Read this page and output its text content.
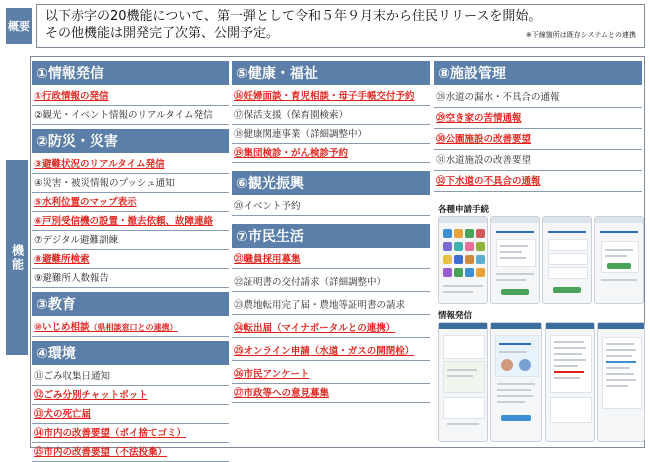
概要
以下赤字の20機能について、第一弾として令和５年９月末から住民リリースを開始。
その他機能は開発完了次第、公開予定。	※下線箇所は既存システムとの連携
機能
①情報発信
①行政情報の発信
②観光・イベント情報のリアルタイム発信
②防災・災害
③避難状況のリアルタイム発信
④災害・被災情報のプッシュ通知
⑤水利位置のマップ表示
⑥戸別受信機の設置・撤去依頼、故障連絡
⑦デジタル避難訓練
⑧避難所検索
⑨避難所人数報告
③教育
⑩いじめ相談（県相談窓口との連携）
④環境
⑪ごみ収集日通知
⑫ごみ分別チャットボット
⑬犬の死亡届
⑭市内の改善要望（ポイ捨てゴミ）
⑮市内の改善要望（不法投棄）
⑤健康・福祉
⑯妊婦面談・育児相談・母子手帳交付予約
⑰保活支援（保育園検索）
⑱健康関連事業（詳細調整中）
⑲集団検診・がん検診予約
⑥観光振興
⑳イベント予約
⑦市民生活
㉑職員採用募集
㉒証明書の交付請求（詳細調整中）
㉓農地転用完了届・農地等証明書の請求
㉔転出届（マイナポータルとの連携）
㉕オンライン申請（水道・ガスの開閉栓）
㉖市民アンケート
㉗市政等への意見募集
⑧施設管理
㉘水道の漏水・不具合の通報
㉙空き家の苦情通報
㉚公園施設の改善要望
㉛水道施設の改善要望
㉜下水道の不具合の通報
各種申請手続
情報発信
